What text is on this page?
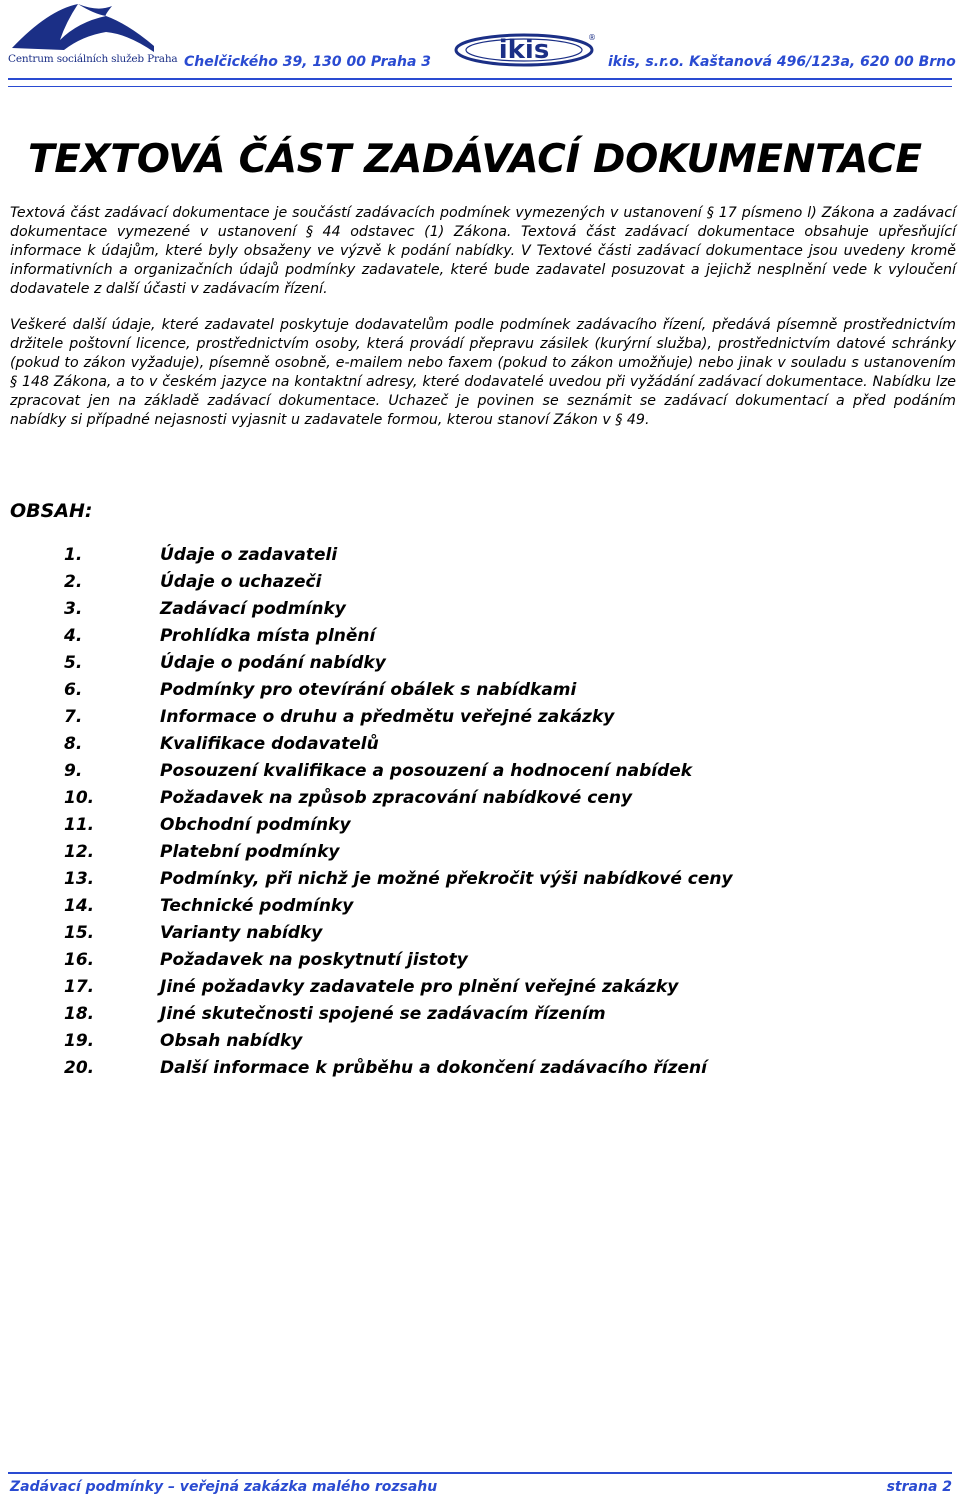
Centrum sociálních služeb Praha Chelčického 39, 130 00 Praha 3	ikis	®
ikis, s.r.o. Kaštanová 496/123a, 620 00 Brno
TEXTOVÁ ČÁST ZADÁVACÍ DOKUMENTACE

Textová část zadávací dokumentace je součástí zadávacích podmínek vymezených v ustanovení § 17 písmeno l) Zákona a zadávací dokumentace vymezené v ustanovení § 44 odstavec (1) Zákona. Textová část zadávací dokumentace obsahuje upřesňující informace k údajům, které byly obsaženy ve výzvě k podání nabídky. V Textové části zadávací dokumentace jsou uvedeny kromě informativních a organizačních údajů podmínky zadavatele, které bude zadavatel posuzovat a jejichž nesplnění vede k vyloučení dodavatele z další účasti v zadávacím řízení.

Veškeré další údaje, které zadavatel poskytuje dodavatelům podle podmínek zadávacího řízení, předává písemně prostřednictvím držitele poštovní licence, prostřednictvím osoby, která provádí přepravu zásilek (kurýrní služba), prostřednictvím datové schránky (pokud to zákon vyžaduje), písemně osobně, e-mailem nebo faxem (pokud to zákon umožňuje) nebo jinak v souladu s ustanovením § 148 Zákona, a to v českém jazyce na kontaktní adresy, které dodavatelé uvedou při vyžádání zadávací dokumentace. Nabídku lze zpracovat jen na základě zadávací dokumentace. Uchazeč je povinen se seznámit se zadávací dokumentací a před podáním nabídky si případné nejasnosti vyjasnit u zadavatele formou, kterou stanoví Zákon v § 49.

OBSAH:
1.	Údaje o zadavateli
2.	Údaje o uchazeči
3.	Zadávací podmínky
4.	Prohlídka místa plnění
5.	Údaje o podání nabídky
6.	Podmínky pro otevírání obálek s nabídkami
7.	Informace o druhu a předmětu veřejné zakázky
8.	Kvalifikace dodavatelů
9.	Posouzení kvalifikace a posouzení a hodnocení nabídek
10.	Požadavek na způsob zpracování nabídkové ceny
11.	Obchodní podmínky
12.	Platební podmínky
13.	Podmínky, při nichž je možné překročit výši nabídkové ceny
14.	Technické podmínky
15.	Varianty nabídky
16.	Požadavek na poskytnutí jistoty
17.	Jiné požadavky zadavatele pro plnění veřejné zakázky
18.	Jiné skutečnosti spojené se zadávacím řízením
19.	Obsah nabídky
20.	Další informace k průběhu a dokončení zadávacího řízení
Zadávací podmínky – veřejná zakázka malého rozsahu	strana 2
